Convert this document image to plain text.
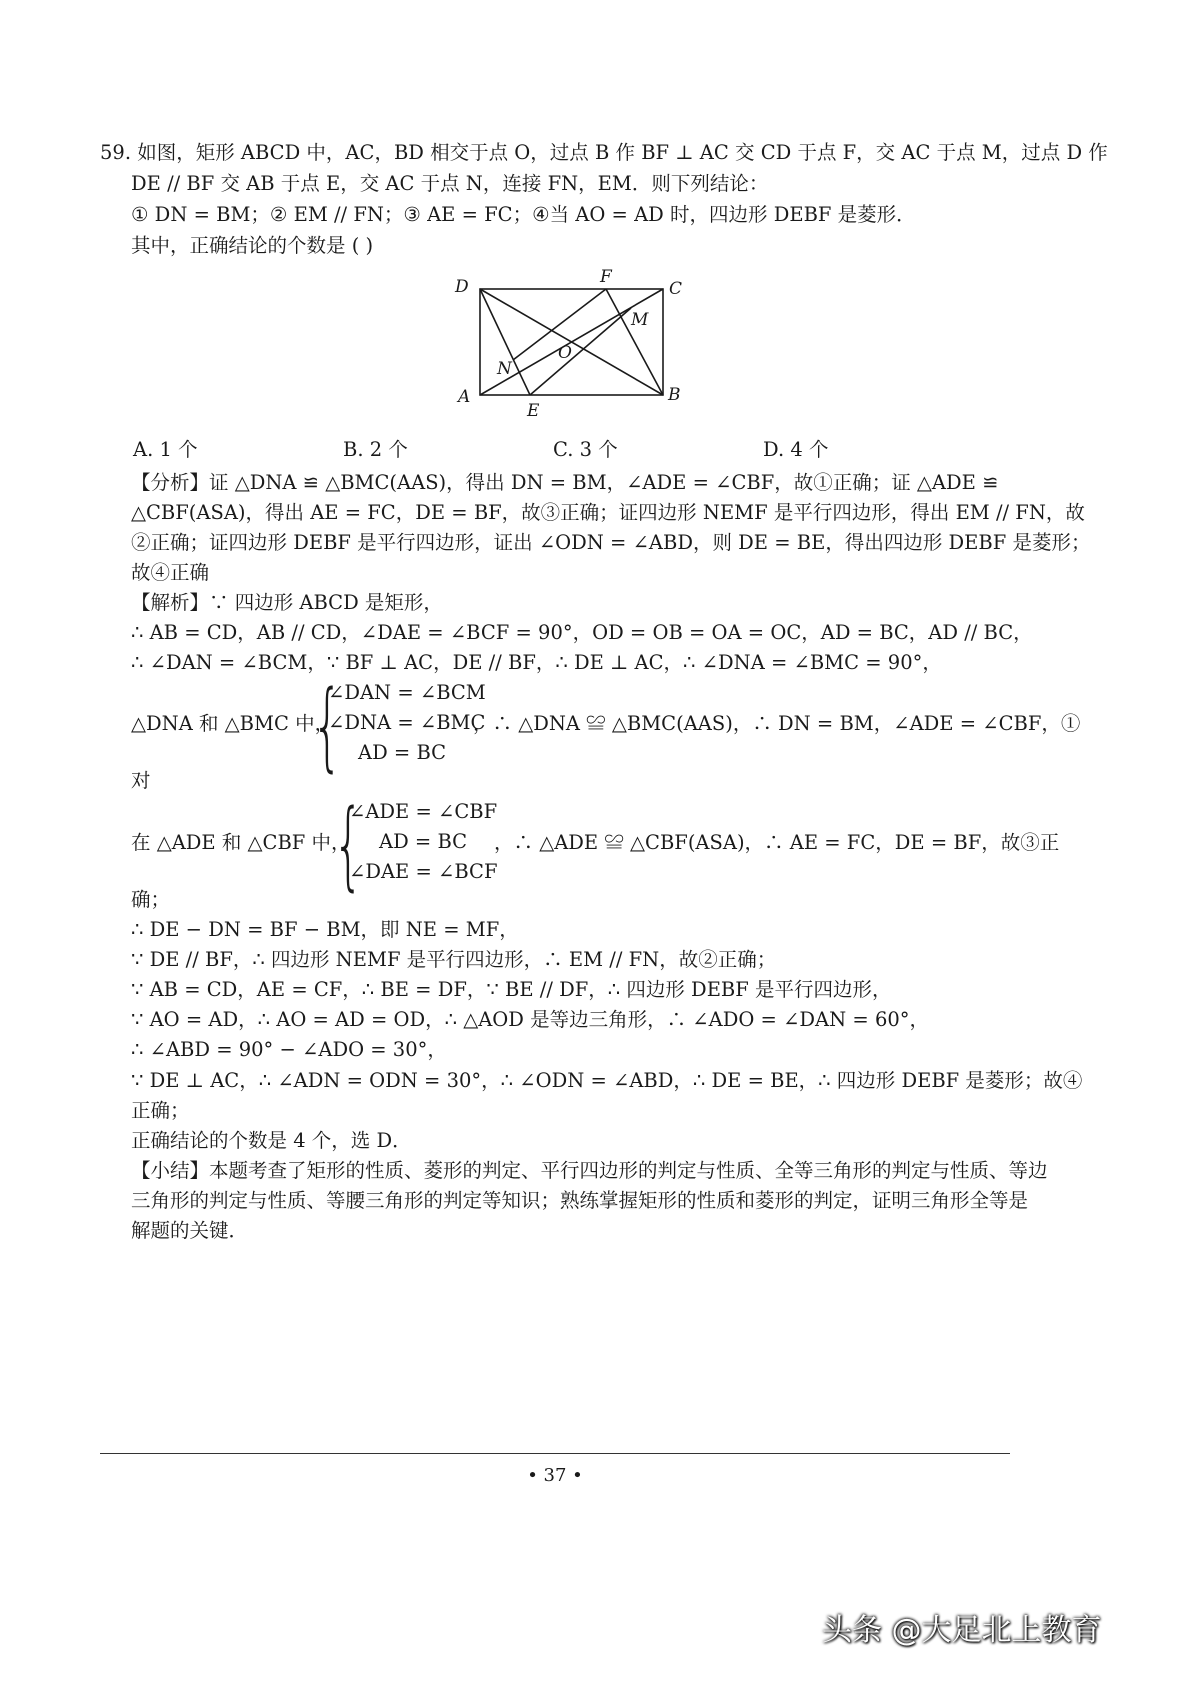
59. 如图，矩形 ABCD 中，AC，BD 相交于点 O，过点 B 作 BF ⊥ AC 交 CD 于点 F，交 AC 于点 M，过点 D 作
DE // BF 交 AB 于点 E，交 AC 于点 N，连接 FN，EM．则下列结论：
① DN = BM；② EM // FN；③ AE = FC；④当 AO = AD 时，四边形 DEBF 是菱形．
其中，正确结论的个数是 ( )
D	F
C
M
O
N
A
E
B
A. 1 个	B. 2 个	C. 3 个	D. 4 个
【分析】证 △DNA ≌ △BMC(AAS)，得出 DN = BM，∠ADE = ∠CBF，故①正确；证 △ADE ≌
△CBF(ASA)，得出 AE = FC，DE = BF，故③正确；证四边形 NEMF 是平行四边形，得出 EM // FN，故
②正确；证四边形 DEBF 是平行四边形，证出 ∠ODN = ∠ABD，则 DE = BE，得出四边形 DEBF 是菱形；
故④正确
【解析】∵ 四边形 ABCD 是矩形，
∴ AB = CD，AB // CD，∠DAE = ∠BCF = 90°，OD = OB = OA = OC，AD = BC，AD // BC，
∴ ∠DAN = ∠BCM，∵ BF ⊥ AC，DE // BF，∴ DE ⊥ AC，∴ ∠DNA = ∠BMC = 90°，
△DNA 和 △BMC 中，
{
∠DAN = ∠BCM
∠DNA = ∠BMC
AD = BC
，∴ △DNA ≌ △BMC(AAS)，∴ DN = BM，∠ADE = ∠CBF，①
对
在 △ADE 和 △CBF 中，
{
∠ADE = ∠CBF
AD = BC
∠DAE = ∠BCF
，∴ △ADE ≌ △CBF(ASA)，∴ AE = FC，DE = BF，故③正
确；
∴ DE − DN = BF − BM，即 NE = MF，
∵ DE // BF，∴ 四边形 NEMF 是平行四边形，∴ EM // FN，故②正确；
∵ AB = CD，AE = CF，∴ BE = DF，∵ BE // DF，∴ 四边形 DEBF 是平行四边形，
∵ AO = AD，∴ AO = AD = OD，∴ △AOD 是等边三角形，∴ ∠ADO = ∠DAN = 60°，
∴ ∠ABD = 90° − ∠ADO = 30°，
∵ DE ⊥ AC，∴ ∠ADN = ODN = 30°，∴ ∠ODN = ∠ABD，∴ DE = BE，∴ 四边形 DEBF 是菱形；故④
正确；
正确结论的个数是 4 个，选 D．
【小结】本题考查了矩形的性质、菱形的判定、平行四边形的判定与性质、全等三角形的判定与性质、等边
三角形的判定与性质、等腰三角形的判定等知识；熟练掌握矩形的性质和菱形的判定，证明三角形全等是
解题的关键．
• 37 •
头条 @大足北上教育
